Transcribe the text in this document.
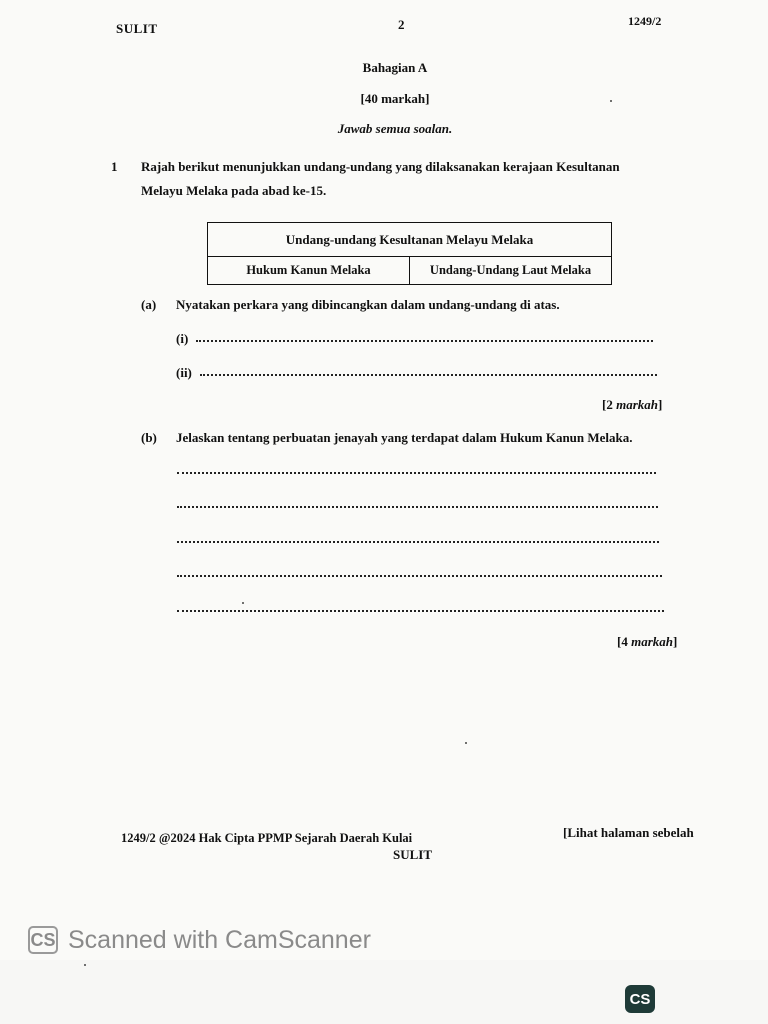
SULIT	2	1249/2
Bahagian A
[40 markah]
Jawab semua soalan.
1 Rajah berikut menunjukkan undang-undang yang dilaksanakan kerajaan Kesultanan Melayu Melaka pada abad ke-15.
Undang-undang Kesultanan Melayu Melaka
Hukum Kanun Melaka	Undang-Undang Laut Melaka
(a) Nyatakan perkara yang dibincangkan dalam undang-undang di atas.
(i)
(ii)
[2 markah]
(b) Jelaskan tentang perbuatan jenayah yang terdapat dalam Hukum Kanun Melaka.
[4 markah]
1249/2 @2024 Hak Cipta PPMP Sejarah Daerah Kulai
SULIT
[Lihat halaman sebelah
CS Scanned with CamScanner
CS
